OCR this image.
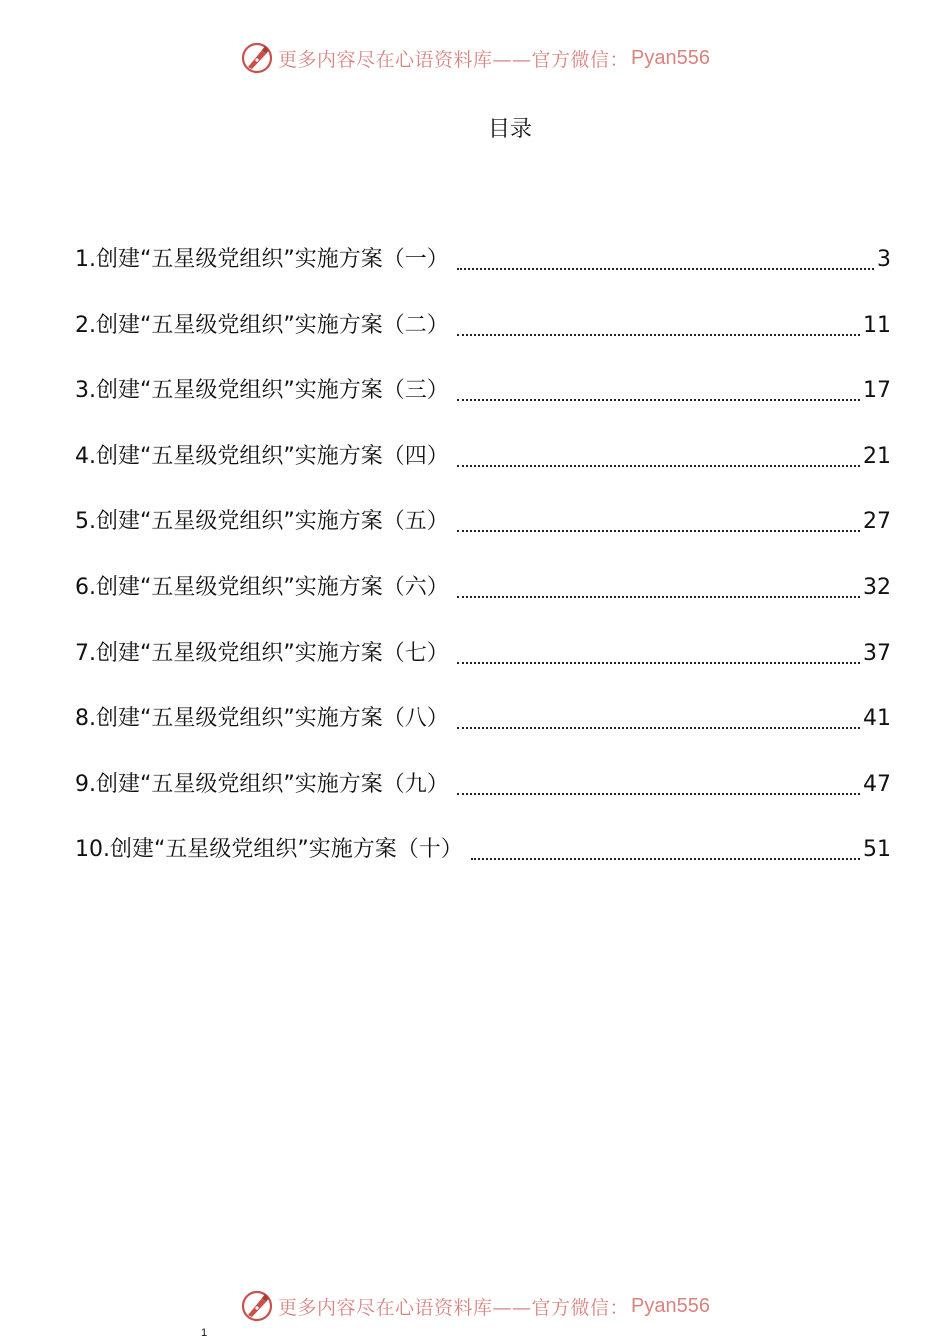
更多内容尽在心语资料库——官方微信： Pyan556
目录
1.创建“五星级党组织”实施方案（一）	3
2.创建“五星级党组织”实施方案（二）	11
3.创建“五星级党组织”实施方案（三）	17
4.创建“五星级党组织”实施方案（四）	21
5.创建“五星级党组织”实施方案（五）	27
6.创建“五星级党组织”实施方案（六）	32
7.创建“五星级党组织”实施方案（七）	37
8.创建“五星级党组织”实施方案（八）	41
9.创建“五星级党组织”实施方案（九）	47
10.创建“五星级党组织”实施方案（十）	51
更多内容尽在心语资料库——官方微信： Pyan556
1
